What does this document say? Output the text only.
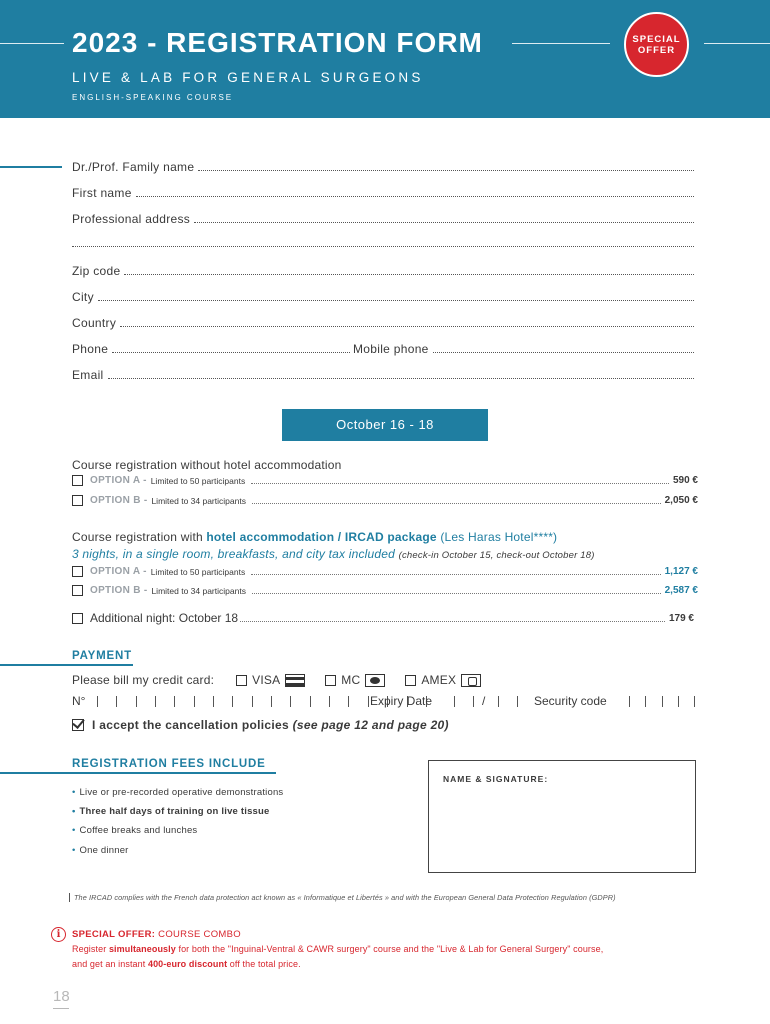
2023 - REGISTRATION FORM
LIVE & LAB FOR GENERAL SURGEONS
ENGLISH-SPEAKING COURSE
SPECIAL
OFFER
Dr./Prof. Family name
First name
Professional address
Zip code
City
Country
Phone	Mobile phone
Email
October 16 - 18
Course registration without hotel accommodation
OPTION A - Limited to 50 participants	590 €
OPTION B - Limited to 34 participants	2,050 €
Course registration with hotel accommodation / IRCAD package (Les Haras Hotel****)
3 nights, in a single room, breakfasts, and city tax included (check-in October 15, check-out October 18)
OPTION A - Limited to 50 participants	1,127 €
OPTION B - Limited to 34 participants	2,587 €
Additional night: October 18	179 €
PAYMENT
Please bill my credit card:	VISA	MC	AMEX
N°	Expiry Date	/	Security code
I accept the cancellation policies
(see page 12 and page 20)
REGISTRATION FEES INCLUDE
• Live or pre-recorded operative demonstrations
• Three half days of training on live tissue
• Coffee breaks and lunches
• One dinner
NAME & SIGNATURE:
The IRCAD complies with the French data protection act known as « Informatique et Libertés » and with the European General Data Protection Regulation (GDPR)
i	SPECIAL OFFER: COURSE COMBO
Register simultaneously for both the "Inguinal-Ventral & CAWR surgery" course and the "Live & Lab for General Surgery" course,
and get an instant 400-euro discount off the total price.
18
